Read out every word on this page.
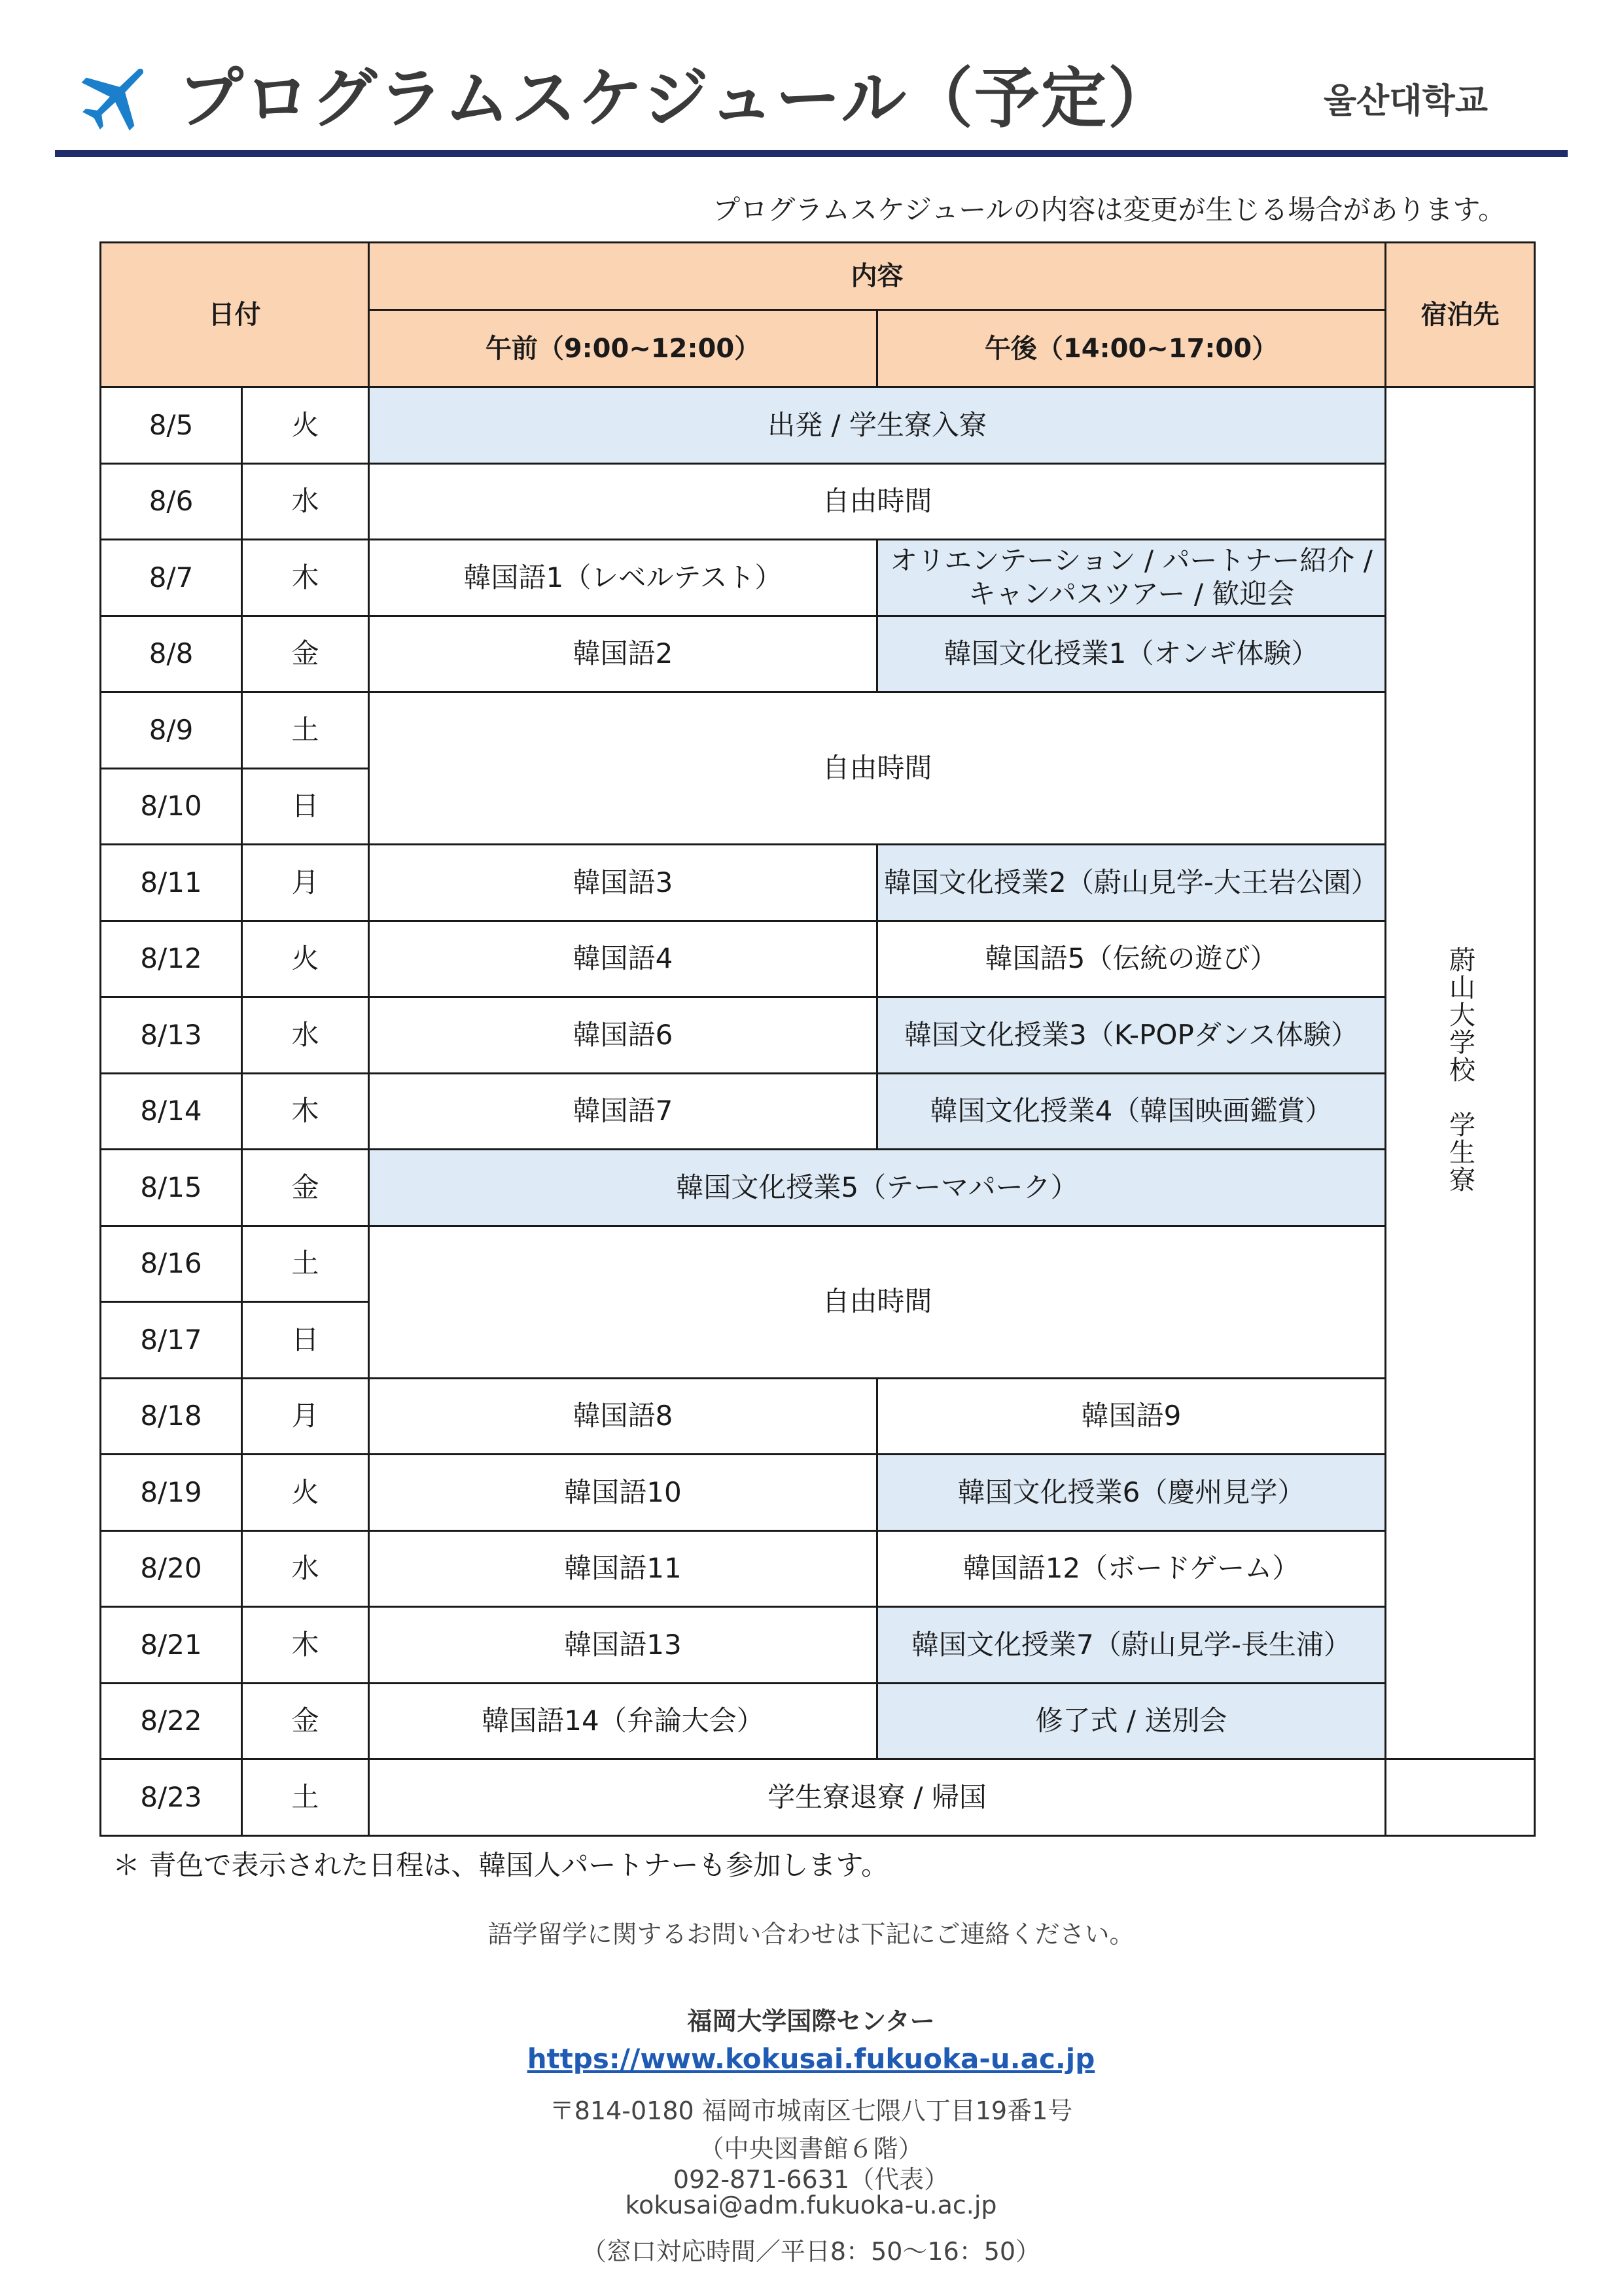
プログラムスケジュール（予定）	울산대학교
プログラムスケジュールの内容は変更が生じる場合があります。
日付		内容		宿泊先
		午前（9:00~12:00）	午後（14:00~17:00）	
8/5	火	出発 / 学生寮入寮		蔚山大学校　学生寮
8/6	水	自由時間		
8/7	木	韓国語1（レベルテスト）	オリエンテーション / パートナー紹介 / キャンパスツアー / 歓迎会	
8/8	金	韓国語2	韓国文化授業1（オンギ体験）	
8/9	土	自由時間		
8/10	日			
8/11	月	韓国語3	韓国文化授業2（蔚山見学-大王岩公園）	
8/12	火	韓国語4	韓国語5（伝統の遊び）	
8/13	水	韓国語6	韓国文化授業3（K-POPダンス体験）	
8/14	木	韓国語7	韓国文化授業4（韓国映画鑑賞）	
8/15	金	韓国文化授業5（テーマパーク）		
8/16	土	自由時間		
8/17	日			
8/18	月	韓国語8	韓国語9	
8/19	火	韓国語10	韓国文化授業6（慶州見学）	
8/20	水	韓国語11	韓国語12（ボードゲーム）	
8/21	木	韓国語13	韓国文化授業7（蔚山見学-長生浦）	
8/22	金	韓国語14（弁論大会）	修了式 / 送別会	
8/23	土	学生寮退寮 / 帰国		
＊ 青色で表示された日程は、韓国人パートナーも参加します。
語学留学に関するお問い合わせは下記にご連絡ください。
福岡大学国際センター
https://www.kokusai.fukuoka-u.ac.jp
〒814-0180 福岡市城南区七隈八丁目19番1号
（中央図書館６階）
092-871-6631（代表）
kokusai@adm.fukuoka-u.ac.jp
（窓口対応時間／平日8：50〜16：50）
